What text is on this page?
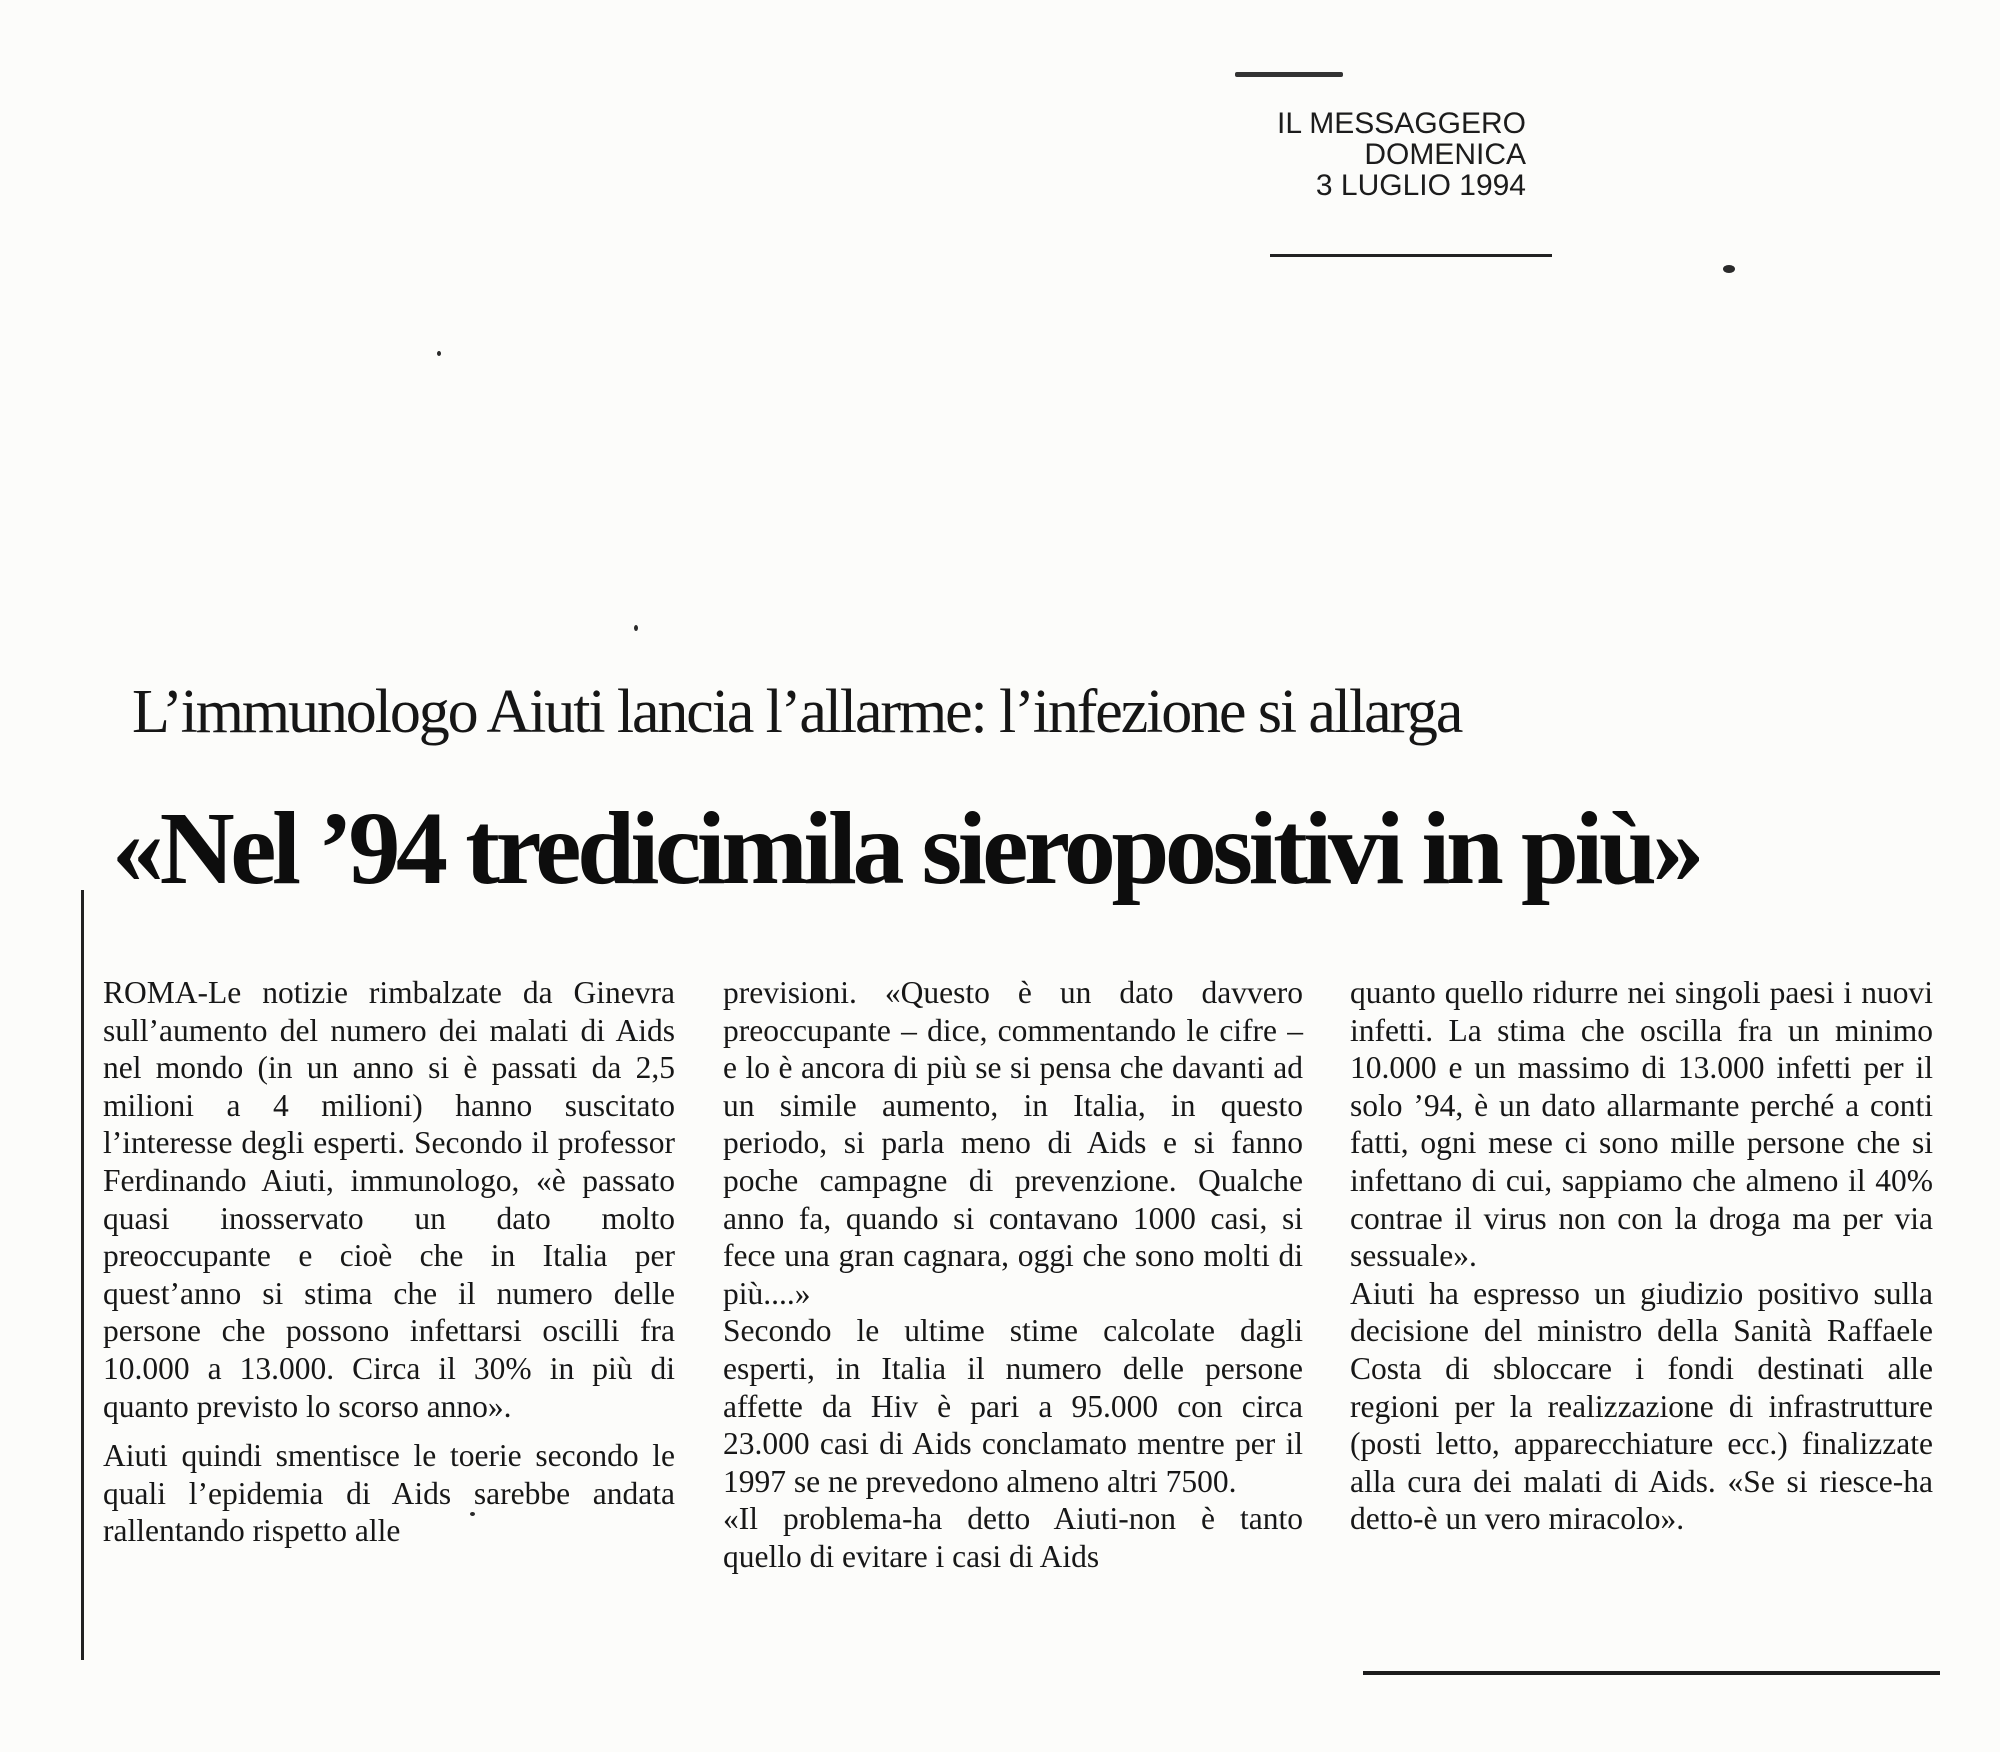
IL MESSAGGERO
DOMENICA
3 LUGLIO 1994
L’immunologo Aiuti lancia l’allarme: l’infezione si allarga
«Nel ’94 tredicimila sieropositivi in più»

ROMA-Le notizie rimbalzate da Ginevra sull’aumento del numero dei malati di Aids nel mondo (in un anno si è passati da 2,5 milioni a 4 milioni) hanno suscitato l’interesse degli esperti. Secondo il professor Ferdinando Aiuti, immunologo, «è passato quasi inosservato un dato molto preoccupante e cioè che in Italia per quest’anno si stima che il numero delle persone che possono infettarsi oscilli fra 10.000 a 13.000. Circa il 30% in più di quanto previsto lo scorso anno».

Aiuti quindi smentisce le toerie secondo le quali l’epidemia di Aids sarebbe andata rallentando rispetto alle

previsioni. «Questo è un dato davvero preoccupante – dice, commentando le cifre – e lo è ancora di più se si pensa che davanti ad un simile aumento, in Italia, in questo periodo, si parla meno di Aids e si fanno poche campagne di prevenzione. Qualche anno fa, quando si contavano 1000 casi, si fece una gran cagnara, oggi che sono molti di più....»

Secondo le ultime stime calcolate dagli esperti, in Italia il numero delle persone affette da Hiv è pari a 95.000 con circa 23.000 casi di Aids conclamato mentre per il 1997 se ne prevedono almeno altri 7500.

«Il problema-ha detto Aiuti-non è tanto quello di evitare i casi di Aids

quanto quello ridurre nei singoli paesi i nuovi infetti. La stima che oscilla fra un minimo 10.000 e un massimo di 13.000 infetti per il solo ’94, è un dato allarmante perché a conti fatti, ogni mese ci sono mille persone che si infettano di cui, sappiamo che almeno il 40% contrae il virus non con la droga ma per via sessuale».

Aiuti ha espresso un giudizio positivo sulla decisione del ministro della Sanità Raffaele Costa di sbloccare i fondi destinati alle regioni per la realizzazione di infrastrutture (posti letto, apparecchiature ecc.) finalizzate alla cura dei malati di Aids. «Se si riesce-ha detto-è un vero miracolo».
